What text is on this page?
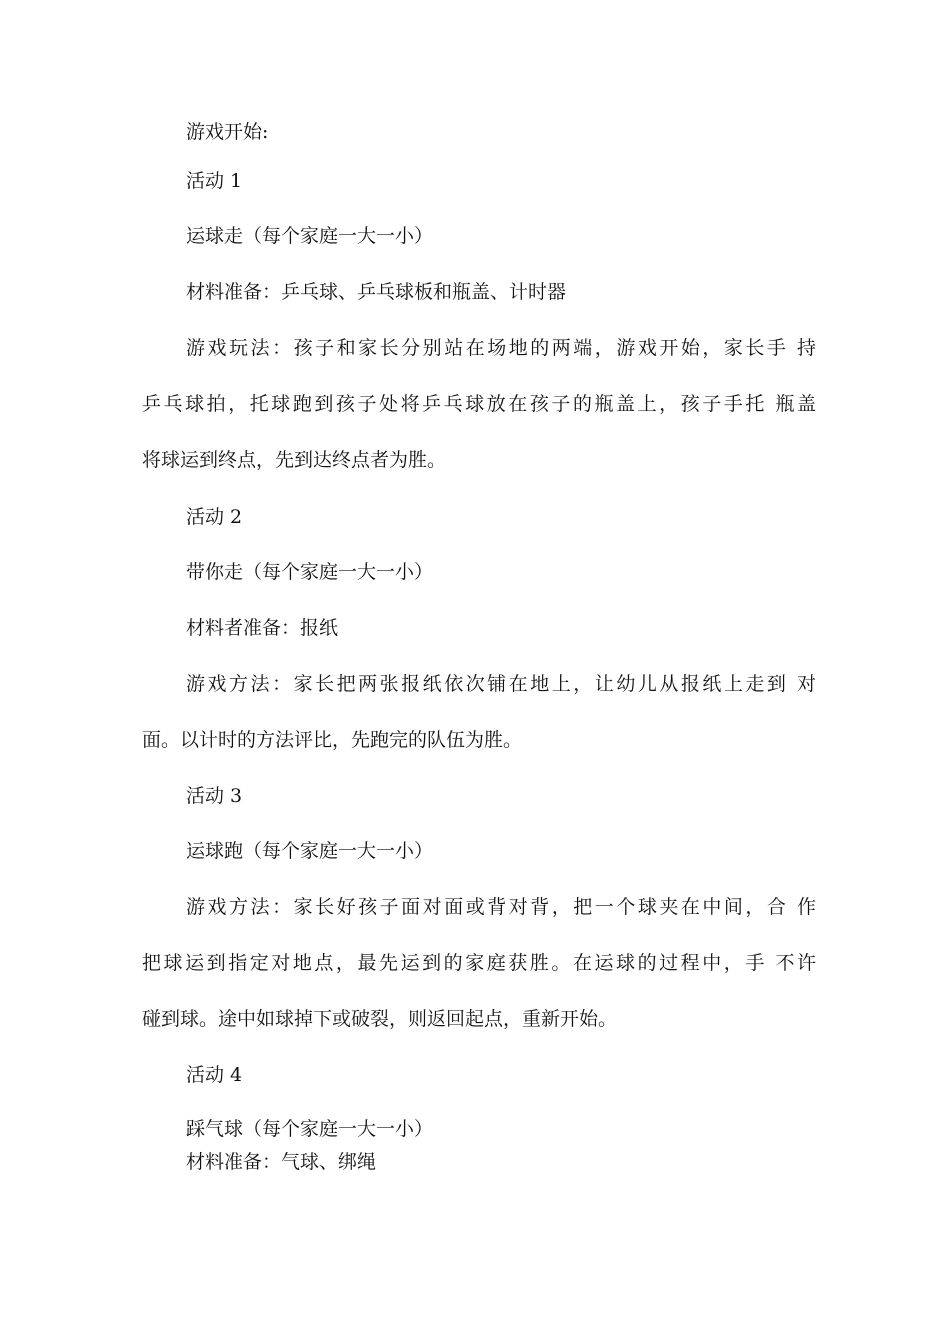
游戏开始:
活动 1
运球走（每个家庭一大一小）
材料准备：乒乓球、乒乓球板和瓶盖、计时器
游戏玩法：孩子和家长分别站在场地的两端，游戏开始，家长手 持
乒乓球拍，托球跑到孩子处将乒乓球放在孩子的瓶盖上，孩子手托 瓶盖
将球运到终点，先到达终点者为胜。
活动 2
带你走（每个家庭一大一小）
材料者准备：报纸
游戏方法：家长把两张报纸依次铺在地上，让幼儿从报纸上走到 对
面。以计时的方法评比，先跑完的队伍为胜。
活动 3
运球跑（每个家庭一大一小）
游戏方法：家长好孩子面对面或背对背，把一个球夹在中间，合 作
把球运到指定对地点，最先运到的家庭获胜。在运球的过程中，手 不许
碰到球。途中如球掉下或破裂，则返回起点，重新开始。
活动 4
踩气球（每个家庭一大一小）
材料准备：气球、绑绳
